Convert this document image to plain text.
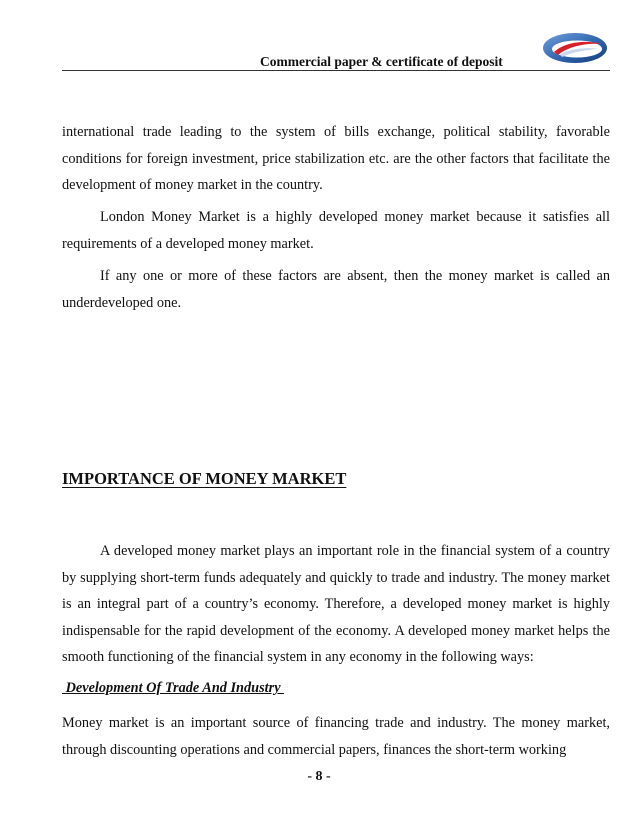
Commercial paper & certificate of deposit

international trade leading to the system of bills exchange, political stability, favorable conditions for foreign investment, price stabilization etc. are the other factors that facilitate the development of money market in the country.

London Money Market is a highly developed money market because it satisfies all requirements of a developed money market.

If any one or more of these factors are absent, then the money market is called an underdeveloped one.

IMPORTANCE OF MONEY MARKET

A developed money market plays an important role in the financial system of a country by supplying short-term funds adequately and quickly to trade and industry. The money market is an integral part of a country’s economy. Therefore, a developed money market is highly indispensable for the rapid development of the economy. A developed money market helps the smooth functioning of the financial system in any economy in the following ways:

Development Of Trade And Industry

Money market is an important source of financing trade and industry. The money market, through discounting operations and commercial papers, finances the short-term working

- 8 -
